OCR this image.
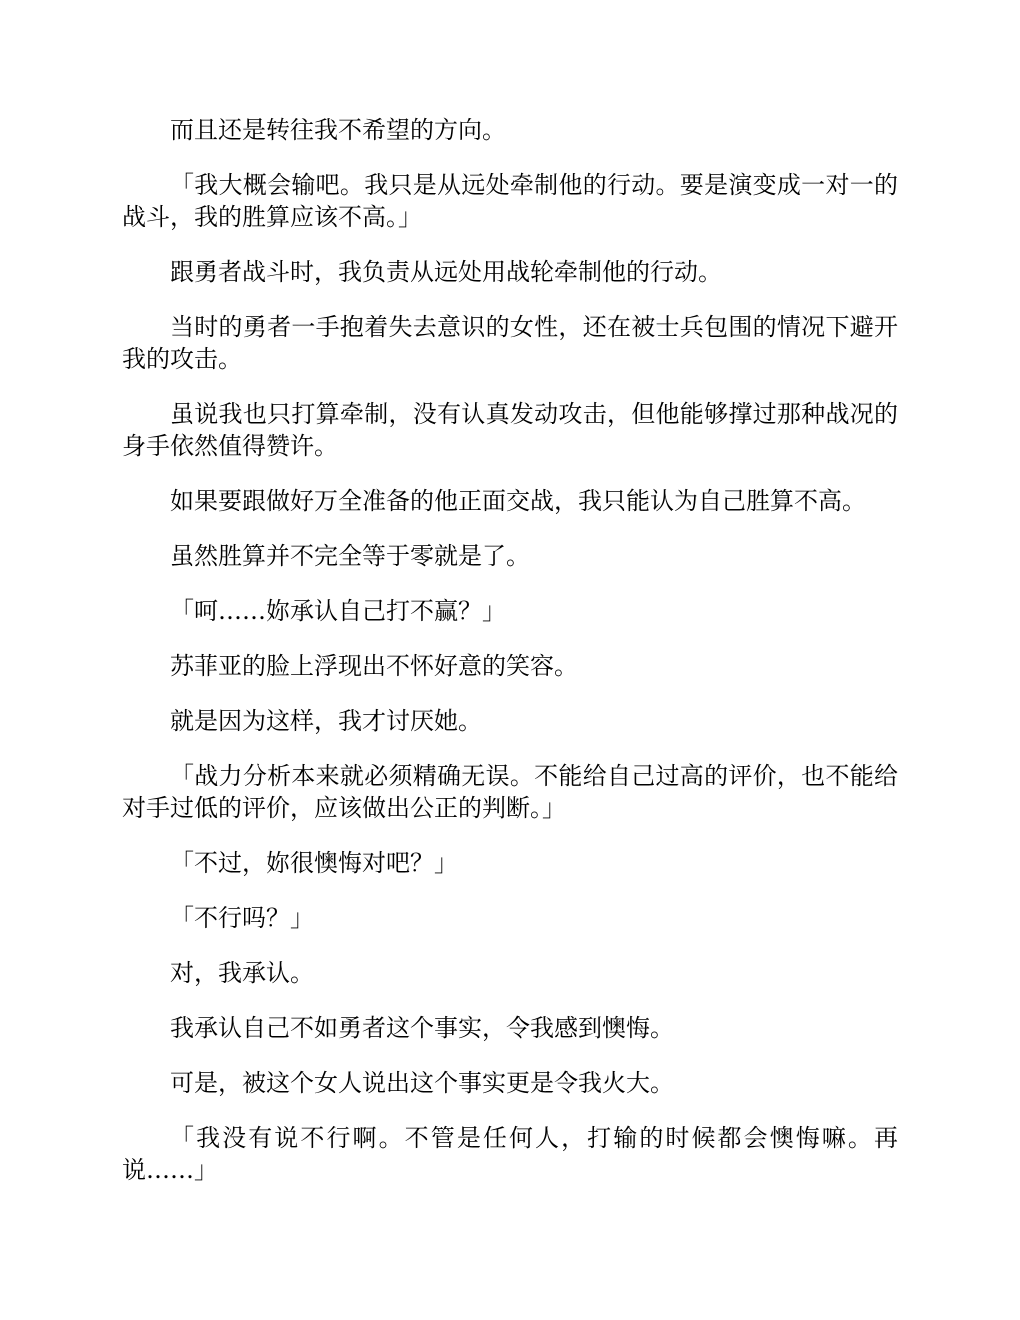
而且还是转往我不希望的方向。

「我大概会输吧。我只是从远处牵制他的行动。要是演变成一对一的战斗，我的胜算应该不高。」

跟勇者战斗时，我负责从远处用战轮牵制他的行动。

当时的勇者一手抱着失去意识的女性，还在被士兵包围的情况下避开我的攻击。

虽说我也只打算牵制，没有认真发动攻击，但他能够撑过那种战况的身手依然值得赞许。

如果要跟做好万全准备的他正面交战，我只能认为自己胜算不高。

虽然胜算并不完全等于零就是了。

「呵……妳承认自己打不赢？」

苏菲亚的脸上浮现出不怀好意的笑容。

就是因为这样，我才讨厌她。

「战力分析本来就必须精确无误。不能给自己过高的评价，也不能给对手过低的评价，应该做出公正的判断。」

「不过，妳很懊悔对吧？」

「不行吗？」

对，我承认。

我承认自己不如勇者这个事实，令我感到懊悔。

可是，被这个女人说出这个事实更是令我火大。

「我没有说不行啊。不管是任何人，打输的时候都会懊悔嘛。再说……」
